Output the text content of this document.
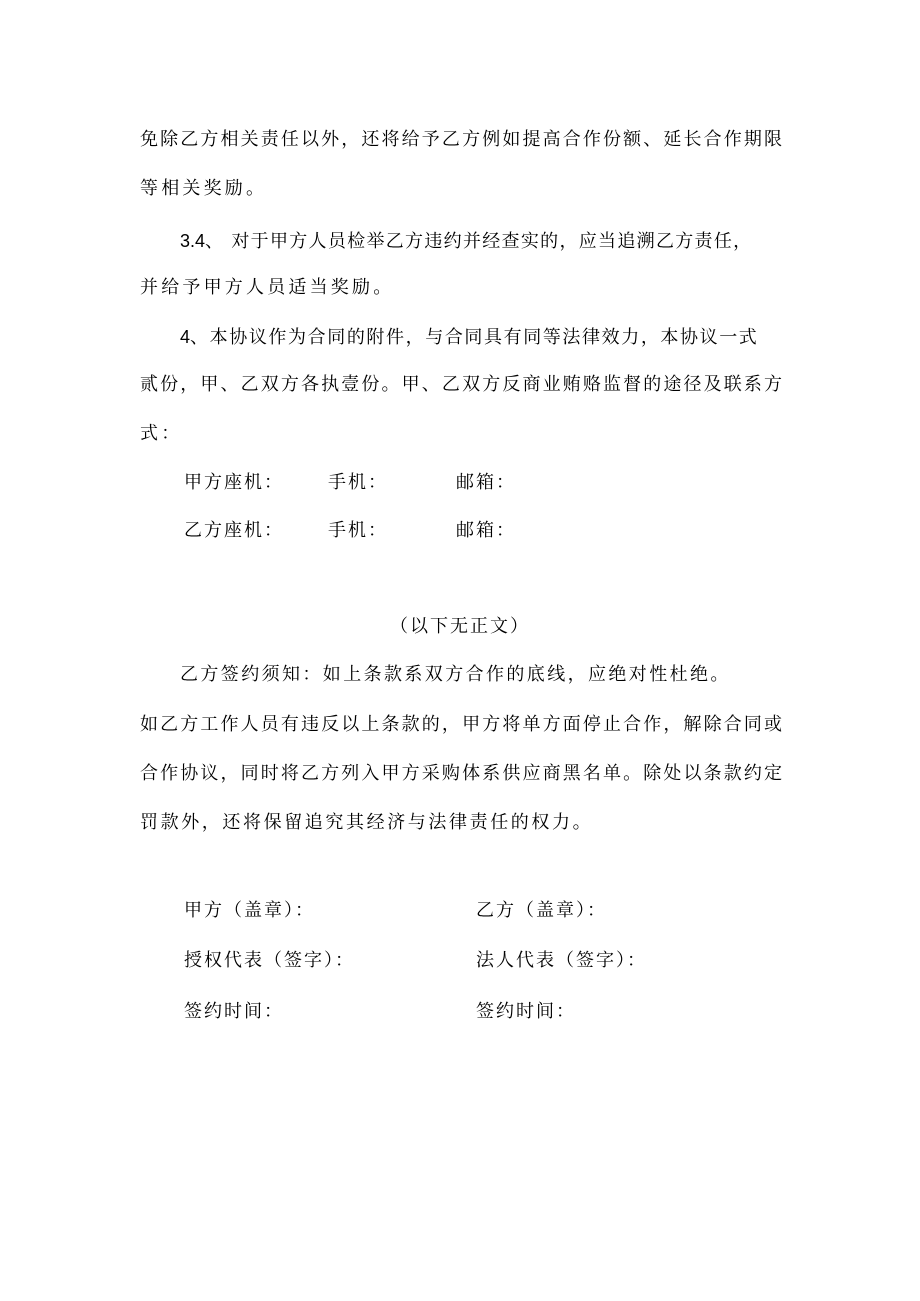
免除乙方相关责任以外，还将给予乙方例如提高合作份额、延长合作期限
等相关奖励。
3.4、 对于甲方人员检举乙方违约并经查实的，应当追溯乙方责任，
并给予甲方人员适当奖励。
4、本协议作为合同的附件，与合同具有同等法律效力，本协议一式
贰份，甲、乙双方各执壹份。甲、乙双方反商业贿赂监督的途径及联系方
式：
甲方座机： 手机：	邮箱：
乙方座机： 手机：	邮箱：
（以下无正文）
乙方签约须知：如上条款系双方合作的底线，应绝对性杜绝。
如乙方工作人员有违反以上条款的，甲方将单方面停止合作，解除合同或
合作协议，同时将乙方列入甲方采购体系供应商黑名单。除处以条款约定
罚款外，还将保留追究其经济与法律责任的权力。
甲方（盖章）：	乙方（盖章）：
授权代表（签字）：	法人代表（签字）：
签约时间：	签约时间：
